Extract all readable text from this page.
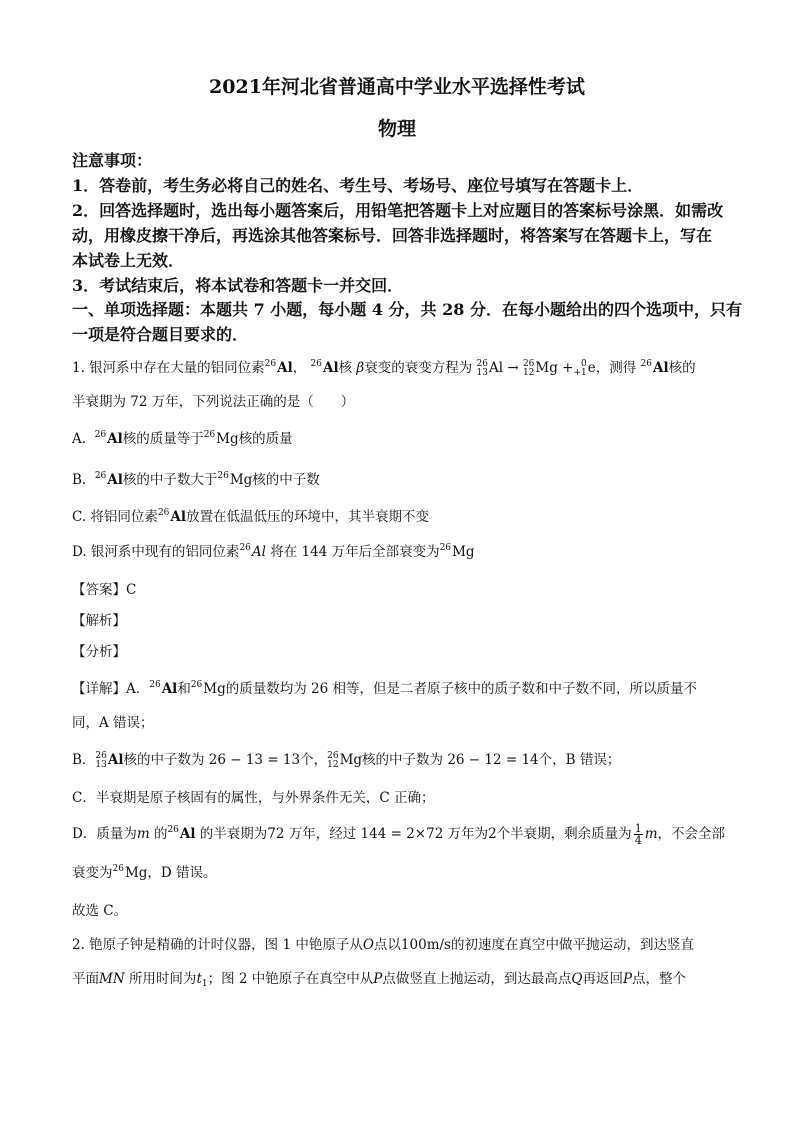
2021年河北省普通高中学业水平选择性考试
物理
注意事项：
1．答卷前，考生务必将自己的姓名、考生号、考场号、座位号填写在答题卡上．
2．回答选择题时，选出每小题答案后，用铅笔把答题卡上对应题目的答案标号涂黑．如需改
动，用橡皮擦干净后，再选涂其他答案标号．回答非选择题时，将答案写在答题卡上，写在
本试卷上无效．
3．考试结束后，将本试卷和答题卡一并交回．
一、单项选择题：本题共 7 小题，每小题 4 分，共 28 分．在每小题给出的四个选项中，只有
一项是符合题目要求的．
1. 银河系中存在大量的铝同位素$^{26}$Al， $^{26}$Al核 β衰变的衰变方程为 26
13 Al → 26
12 Mg + 0
+1 e，测得 $^{26}$Al核的
半衰期为 72 万年，下列说法正确的是（　　）
A. $^{26}$Al核的质量等于$^{26}$Mg核的质量
B. $^{26}$Al核的中子数大于$^{26}$Mg核的中子数
C. 将铝同位素$^{26}$Al放置在低温低压的环境中，其半衰期不变
D. 银河系中现有的铝同位素$^{26}$Al 将在 144 万年后全部衰变为$^{26}$Mg
【答案】C
【解析】
【分析】
【详解】A．$^{26}$Al和$^{26}$Mg的质量数均为 26 相等，但是二者原子核中的质子数和中子数不同，所以质量不
同，A 错误；
B． 26
13 Al核的中子数为 26 − 13 = 13个， 26
12 Mg核的中子数为 26 − 12 = 14个，B 错误；
C．半衰期是原子核固有的属性，与外界条件无关，C 正确；
D．质量为m 的$^{26}$Al 的半衰期为72 万年，经过 144 = 2×72 万年为2个半衰期，剩余质量为 $\frac{1}{4}$ m，不会全部
衰变为$^{26}$Mg，D 错误。
故选 C。
2. 铯原子钟是精确的计时仪器，图 1 中铯原子从O点以100m/s的初速度在真空中做平抛运动，到达竖直
平面MN 所用时间为$t_1$；图 2 中铯原子在真空中从P点做竖直上抛运动，到达最高点Q再返回P点，整个
